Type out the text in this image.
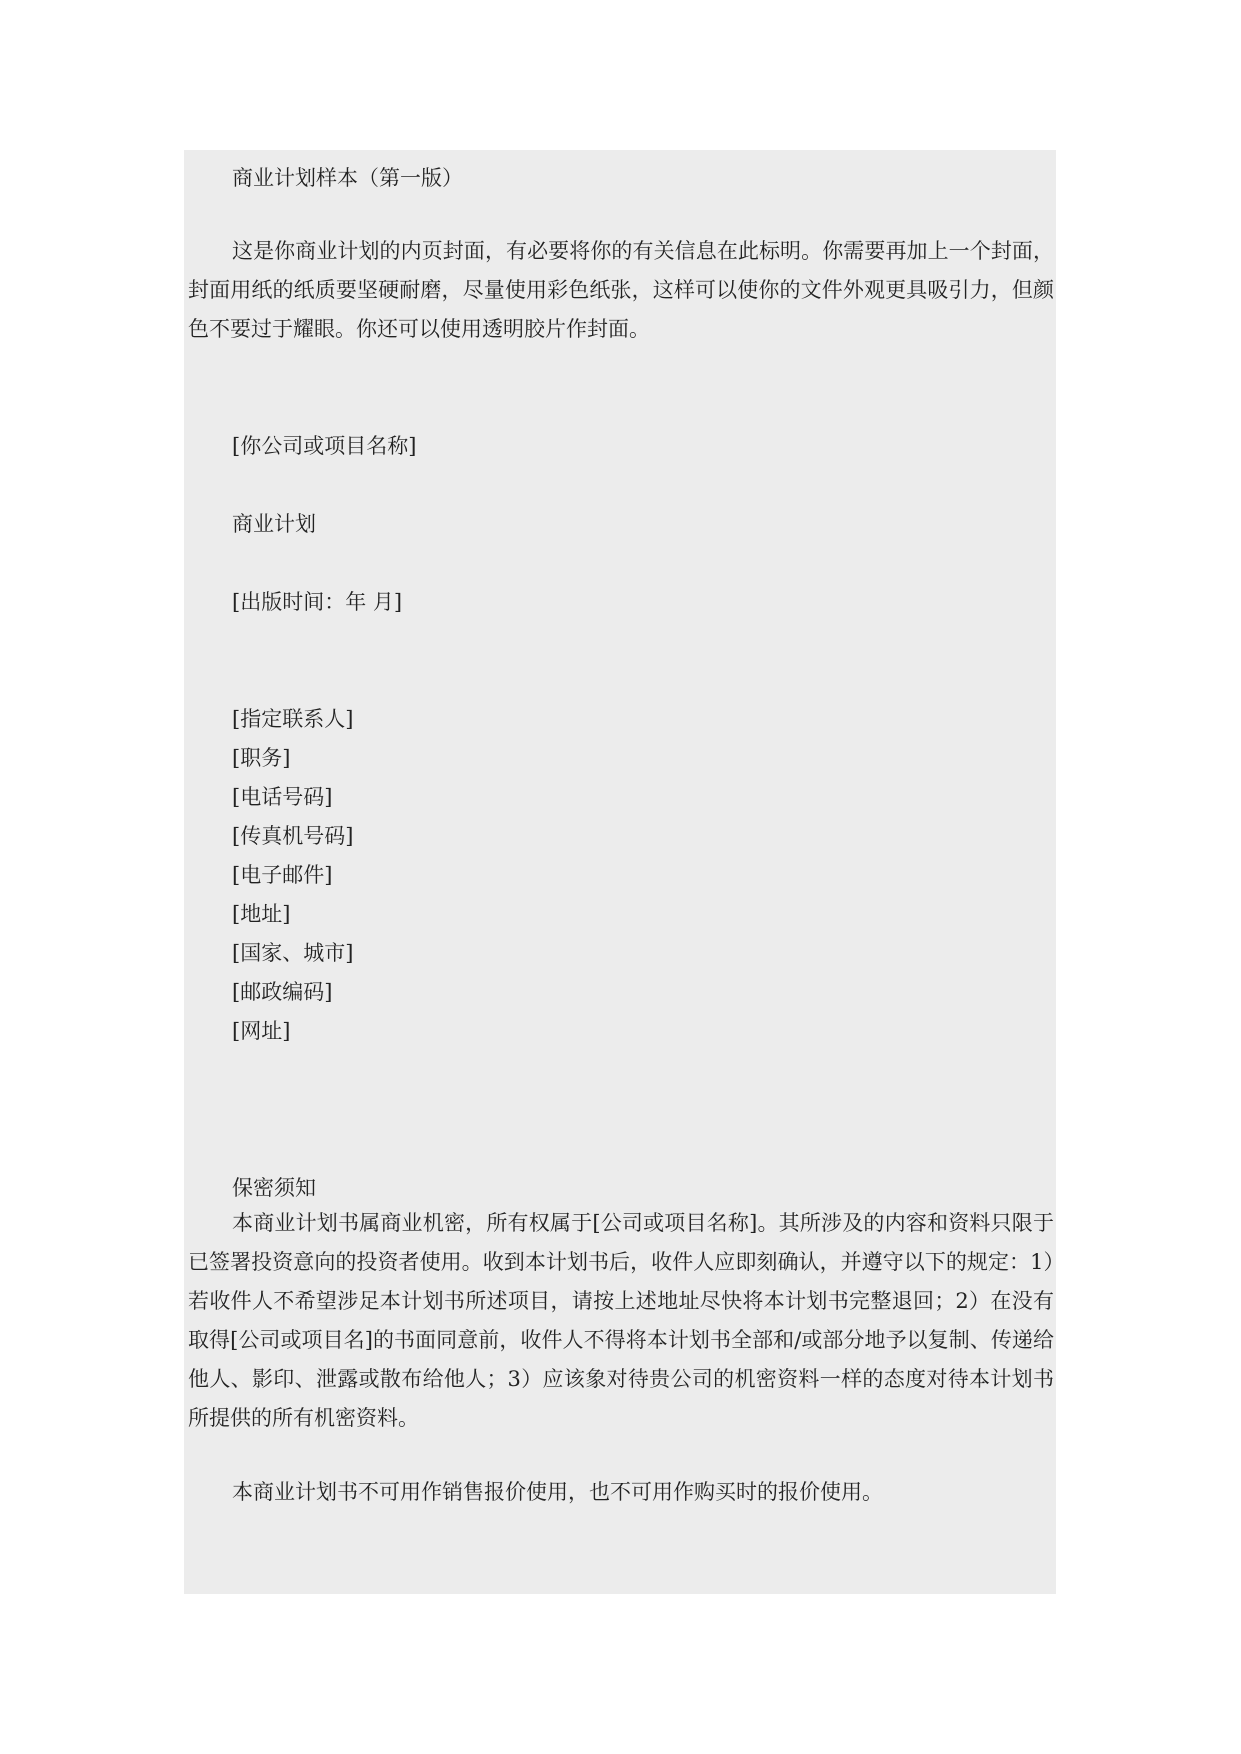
商业计划样本（第一版）

这是你商业计划的内页封面，有必要将你的有关信息在此标明。你需要再加上一个封面，封面用纸的纸质要坚硬耐磨，尽量使用彩色纸张，这样可以使你的文件外观更具吸引力，但颜色不要过于耀眼。你还可以使用透明胶片作封面。

[你公司或项目名称]

商业计划

[出版时间：年 月]

[指定联系人]

[职务]

[电话号码]

[传真机号码]

[电子邮件]

[地址]

[国家、城市]

[邮政编码]

[网址]

保密须知

本商业计划书属商业机密，所有权属于[公司或项目名称]。其所涉及的内容和资料只限于已签署投资意向的投资者使用。收到本计划书后，收件人应即刻确认，并遵守以下的规定：1）若收件人不希望涉足本计划书所述项目，请按上述地址尽快将本计划书完整退回；2）在没有取得[公司或项目名]的书面同意前，收件人不得将本计划书全部和/或部分地予以复制、传递给他人、影印、泄露或散布给他人；3）应该象对待贵公司的机密资料一样的态度对待本计划书所提供的所有机密资料。

本商业计划书不可用作销售报价使用，也不可用作购买时的报价使用。
